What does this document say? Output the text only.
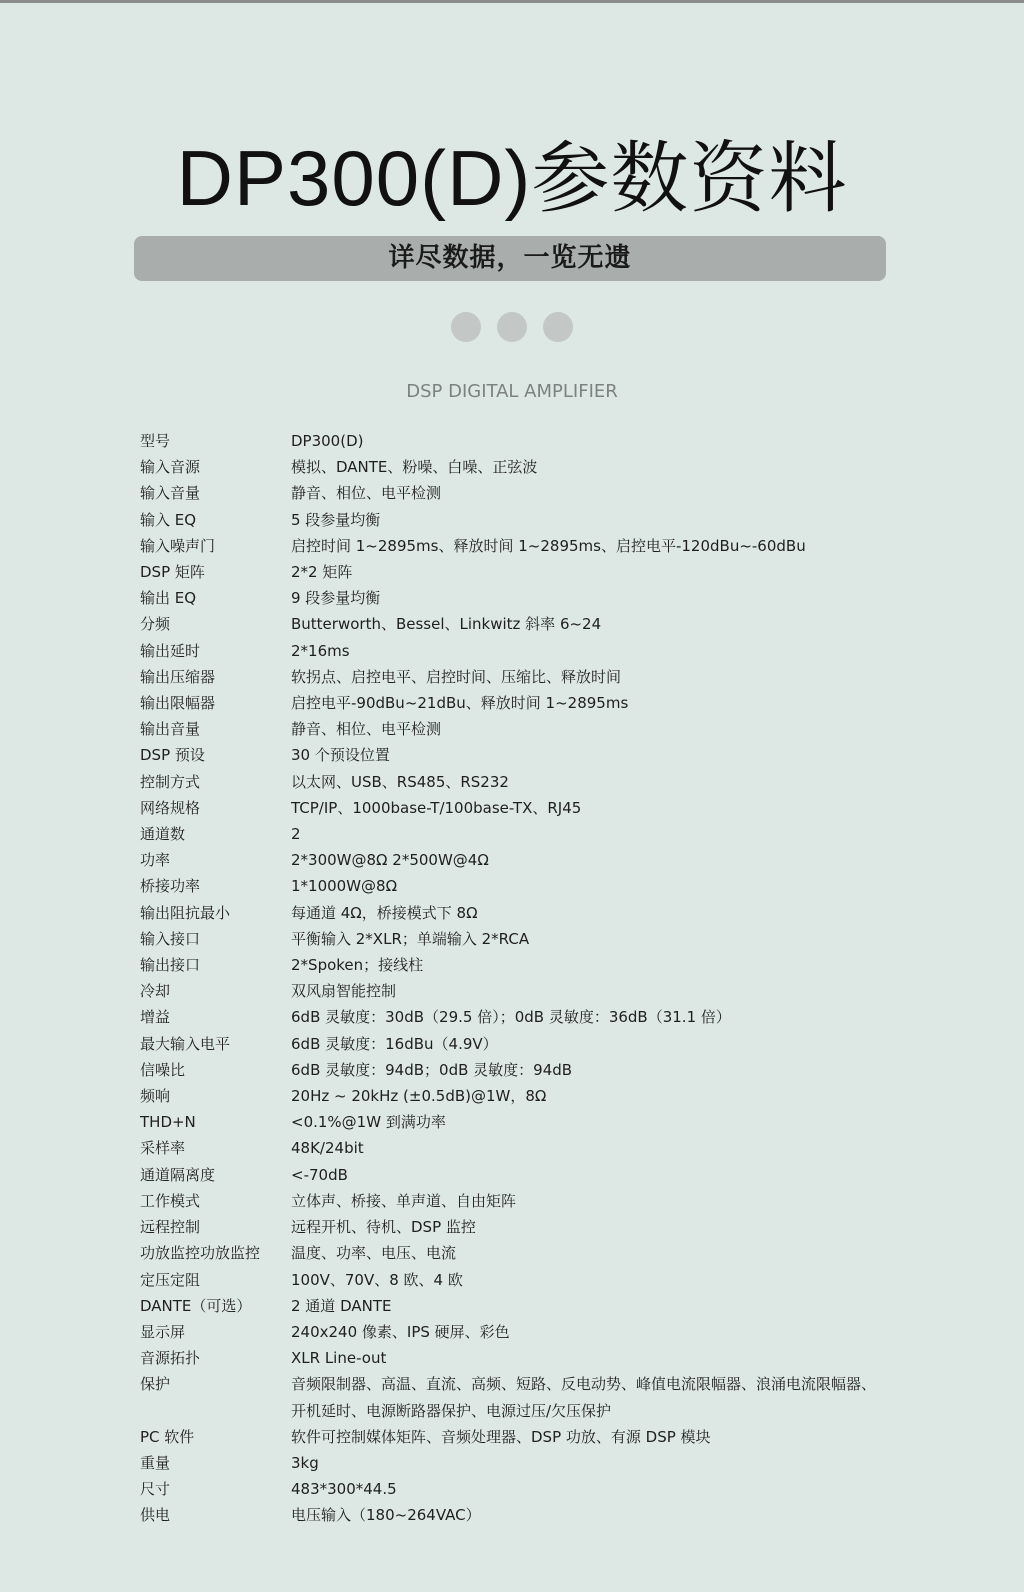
DP300(D)参数资料
详尽数据，一览无遗
DSP DIGITAL AMPLIFIER
型号	DP300(D)

输入音源	模拟、DANTE、粉噪、白噪、正弦波

输入音量	静音、相位、电平检测

输入 EQ	5 段参量均衡

输入噪声门	启控时间 1~2895ms、释放时间 1~2895ms、启控电平-120dBu~-60dBu

DSP 矩阵	2*2 矩阵

输出 EQ	9 段参量均衡

分频	Butterworth、Bessel、Linkwitz 斜率 6~24

输出延时	2*16ms

输出压缩器	软拐点、启控电平、启控时间、压缩比、释放时间

输出限幅器	启控电平-90dBu~21dBu、释放时间 1~2895ms

输出音量	静音、相位、电平检测

DSP 预设	30 个预设位置

控制方式	以太网、USB、RS485、RS232

网络规格	TCP/IP、1000base-T/100base-TX、RJ45

通道数	2

功率	2*300W@8Ω 2*500W@4Ω

桥接功率	1*1000W@8Ω

输出阻抗最小	每通道 4Ω，桥接模式下 8Ω

输入接口	平衡输入 2*XLR；单端输入 2*RCA

输出接口	2*Spoken；接线柱

冷却	双风扇智能控制

增益	6dB 灵敏度：30dB（29.5 倍）；0dB 灵敏度：36dB（31.1 倍）

最大输入电平	6dB 灵敏度：16dBu（4.9V）

信噪比	6dB 灵敏度：94dB；0dB 灵敏度：94dB

频响	20Hz ~ 20kHz (±0.5dB)@1W，8Ω

THD+N	<0.1%@1W 到满功率

采样率	48K/24bit

通道隔离度	<-70dB

工作模式	立体声、桥接、单声道、自由矩阵

远程控制	远程开机、待机、DSP 监控

功放监控功放监控	温度、功率、电压、电流

定压定阻	100V、70V、8 欧、4 欧

DANTE（可选）	2 通道 DANTE

显示屏	240x240 像素、IPS 硬屏、彩色

音源拓扑	XLR Line-out

保护	音频限制器、高温、直流、高频、短路、反电动势、峰值电流限幅器、浪涌电流限幅器、
开机延时、电源断路器保护、电源过压/欠压保护

PC 软件	软件可控制媒体矩阵、音频处理器、DSP 功放、有源 DSP 模块

重量	3kg

尺寸	483*300*44.5

供电	电压输入（180~264VAC）
